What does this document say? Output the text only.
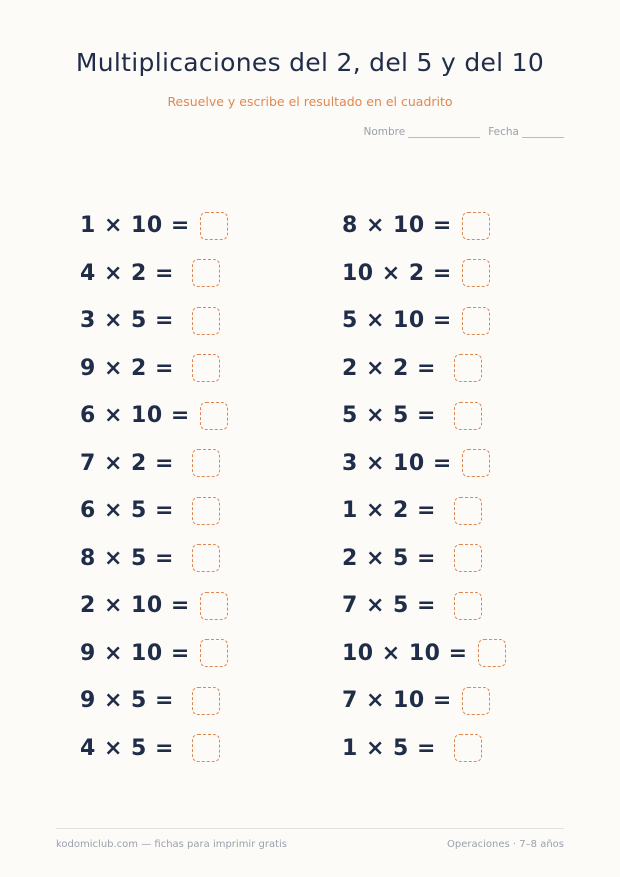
Multiplicaciones del 2, del 5 y del 10
Resuelve y escribe el resultado en el cuadrito
Nombre	Fecha
1 × 10 =
4 × 2 =
3 × 5 =
9 × 2 =
6 × 10 =
7 × 2 =
6 × 5 =
8 × 5 =
2 × 10 =
9 × 10 =
9 × 5 =
4 × 5 =
8 × 10 =
10 × 2 =
5 × 10 =
2 × 2 =
5 × 5 =
3 × 10 =
1 × 2 =
2 × 5 =
7 × 5 =
10 × 10 =
7 × 10 =
1 × 5 =
kodomiclub.com — fichas para imprimir gratis	Operaciones · 7–8 años
